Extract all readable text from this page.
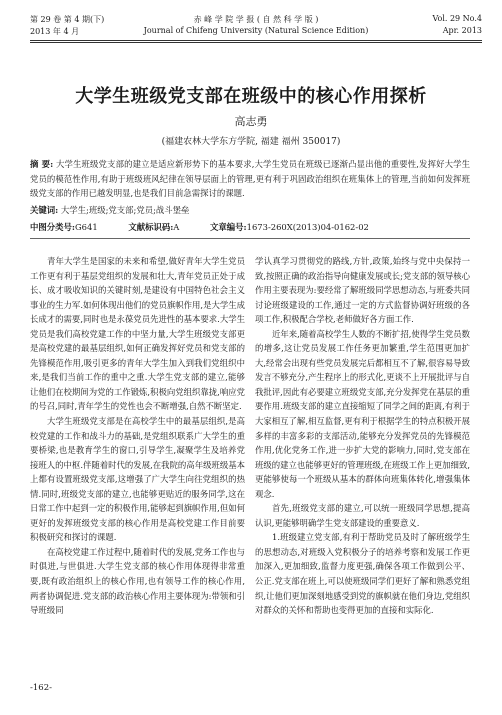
第 29 卷 第 4 期(下)	赤 峰 学 院 学 报 ( 自 然 科 学 版 )	Vol. 29 No.4
2013 年 4 月	Journal of Chifeng University (Natural Science Edition)	Apr. 2013
大学生班级党支部在班级中的核心作用探析
高志勇
(福建农林大学东方学院, 福建 福州 350017)
摘 要: 大学生班级党支部的建立是适应新形势下的基本要求,大学生党员在班级已逐渐凸显出他的重要性,发挥好大学生党员的模范性作用,有助于班级班风纪律在领导层面上的管理,更有利于巩固政治组织在班集体上的管理,当前如何发挥班级党支部的作用已越发明显,也是我们目前急需探讨的课题.
关键词: 大学生;班级;党支部;党员;战斗堡垒
中图分类号:G641	文献标识码:A	文章编号:1673-260X(2013)04-0162-02

青年大学生是国家的未来和希望,做好青年大学生党员工作更有利于基层党组织的发展和壮大,青年党员正处于成长、成才吸收知识的关键时刻,是建设有中国特色社会主义事业的生力军.如何体现出他们的党员旗帜作用,是大学生成长成才的需要,同时也是永葆党员先进性的基本要求.大学生党员是我们高校党建工作的中坚力量,大学生班级党支部更是高校党建的最基层组织,如何正确发挥好党员和党支部的先锋模范作用,吸引更多的青年大学生加入到我们党组织中来,是我们当前工作的重中之重.大学生党支部的建立,能够让他们在校期间为党的工作锻炼,积极向党组织靠拢,响应党的号召,同时,青年学生的党性也会不断增强,自然不断坚定.

大学生班级党支部是在高校学生中的最基层组织,是高校党建的工作和战斗力的基础,是党组织联系广大学生的重要桥梁,也是教育学生的窗口,引导学生,凝聚学生及培养党接班人的中枢.伴随着时代的发展,在我院的高年级班级基本上都有设置班级党支部,这增强了广大学生向往党组织的热情.同时,班级党支部的建立,也能够更贴近的服务同学,这在日常工作中起到一定的积极作用,能够起到旗帜作用,但如何更好的发挥班级党支部的核心作用是高校党建工作目前要积极研究和探讨的课题.

在高校党建工作过程中,随着时代的发展,党务工作也与时俱进,与世俱进.大学生党支部的核心作用体现得非常重要,既有政治组织上的核心作用,也有领导工作的核心作用,两者协调促进.党支部的政治核心作用主要体现为:带领和引导班级同

学认真学习贯彻党的路线,方针,政策,始终与党中央保持一致,按照正确的政治指导向健康发展或长;党支部的领导核心作用主要表现为:要经常了解班级同学思想动态,与班委共同讨论班级建设的工作,通过一定的方式监督协调好班级的各项工作,积极配合学校,老师做好各方面工作.

近年来,随着高校学生人数的不断扩招,使得学生党员数的增多,这让党员发展工作任务更加繁重,学生范围更加扩大,经常会出现有些党员发展完后都相互不了解,很容易导致发言不够充分,产生程序上的形式化,更谈不上开展批评与自我批评,因此有必要建立班级党支部,充分发挥党在基层的重要作用.班级支部的建立直接缩短了同学之间的距离,有利于大家相互了解,相互监督,更有利于根据学生的特点积极开展多样的丰富多彩的支部活动,能够充分发挥党员的先锋模范作用,优化党务工作,进一步扩大党的影响力,同时,党支部在班级的建立也能够更好的管理班级,在班级工作上更加细致,更能够使每一个班级从基本的群体向班集体转化,增强集体观念.

首先,班级党支部的建立,可以统一班级同学思想,提高认识,更能够明确学生党支部建设的重要意义.

1.班级建立党支部,有利于帮助党员及时了解班级学生的思想动态,对班级入党积极分子的培养考察和发展工作更加深入,更加细致,监督力度更强,确保各项工作做到公平、公正.党支部在班上,可以使班级同学们更好了解和熟悉党组织,让他们更加深刻地感受到党的旗帜就在他们身边,党组织对群众的关怀和帮助也变得更加的直接和实际化.

-162-
